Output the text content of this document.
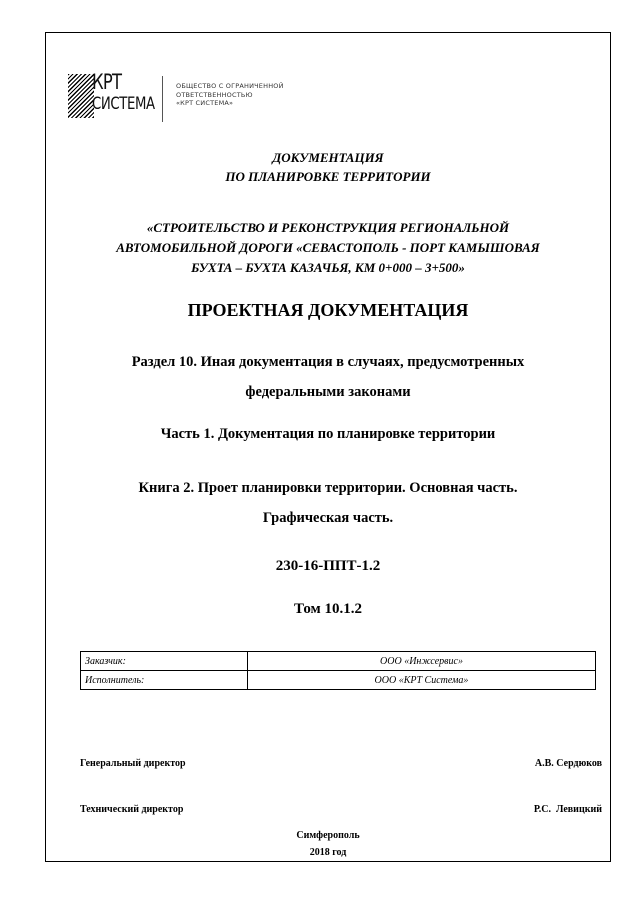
КРТ
СИСТЕМА
ОБЩЕСТВО С ОГРАНИЧЕННОЙ
ОТВЕТСТВЕННОСТЬЮ
«КРТ СИСТЕМА»
ДОКУМЕНТАЦИЯ
ПО ПЛАНИРОВКЕ ТЕРРИТОРИИ
«СТРОИТЕЛЬСТВО И РЕКОНСТРУКЦИЯ РЕГИОНАЛЬНОЙ
АВТОМОБИЛЬНОЙ ДОРОГИ «СЕВАСТОПОЛЬ - ПОРТ КАМЫШОВАЯ
БУХТА – БУХТА КАЗАЧЬЯ, КМ 0+000 – 3+500»
ПРОЕКТНАЯ ДОКУМЕНТАЦИЯ
Раздел 10. Иная документация в случаях, предусмотренных
федеральными законами
Часть 1. Документация по планировке территории
Книга 2. Проет планировки территории. Основная часть.
Графическая часть.
230-16-ППТ-1.2
Том 10.1.2
Заказчик:	ООО «Инжсервис»
Исполнитель:	ООО «КРТ Система»
Генеральный директор	А.В. Сердюков
Технический директор	Р.С.  Левицкий
Симферополь
2018 год
